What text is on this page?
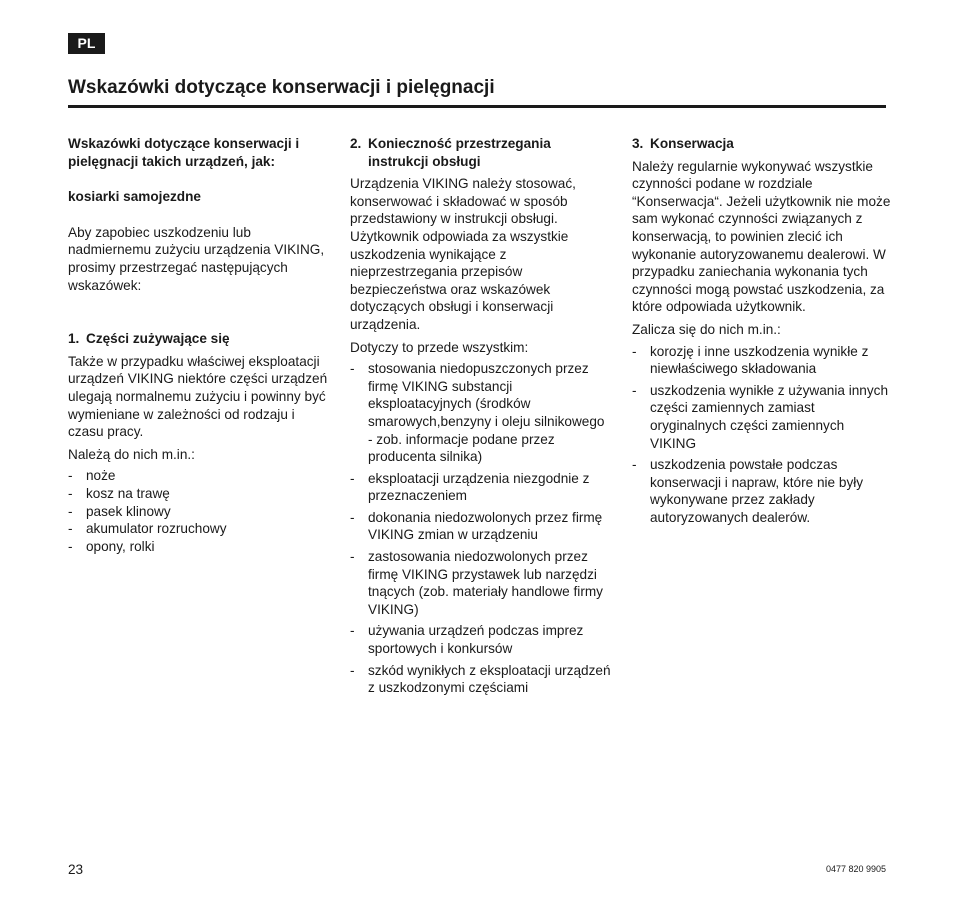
PL
Wskazówki dotyczące konserwacji i pielęgnacji

Wskazówki dotyczące konserwacji i pielęgnacji takich urządzeń, jak:

kosiarki samojezdne

Aby zapobiec uszkodzeniu lub nadmiernemu zużyciu urządzenia VIKING, prosimy przestrzegać następujących wskazówek:

1. Części zużywające się

Także w przypadku właściwej eksploatacji urządzeń VIKING niektóre części urządzeń ulegają normalnemu zużyciu i powinny być wymieniane w zależności od rodzaju i czasu pracy.

Należą do nich m.in.:

- noże
- kosz na trawę
- pasek klinowy
- akumulator rozruchowy
- opony, rolki
2. Konieczność przestrzegania instrukcji obsługi

Urządzenia VIKING należy stosować, konserwować i składować w sposób przedstawiony w instrukcji obsługi. Użytkownik odpowiada za wszystkie uszkodzenia wynikające z nieprzestrzegania przepisów bezpieczeństwa oraz wskazówek dotyczących obsługi i konserwacji urządzenia.

Dotyczy to przede wszystkim:

- stosowania niedopuszczonych przez firmę VIKING substancji eksploatacyjnych (środków smarowych,benzyny i oleju silnikowego - zob. informacje podane przez producenta silnika)
- eksploatacji urządzenia niezgodnie z przeznaczeniem
- dokonania niedozwolonych przez firmę VIKING zmian w urządzeniu
- zastosowania niedozwolonych przez firmę VIKING przystawek lub narzędzi tnących (zob. materiały handlowe firmy VIKING)
- używania urządzeń podczas imprez sportowych i konkursów
- szkód wynikłych z eksploatacji urządzeń z uszkodzonymi częściami
3. Konserwacja

Należy regularnie wykonywać wszystkie czynności podane w rozdziale “Konserwacja“. Jeżeli użytkownik nie może sam wykonać czynności związanych z konserwacją, to powinien zlecić ich wykonanie autoryzowanemu dealerowi. W przypadku zaniechania wykonania tych czynności mogą powstać uszkodzenia, za które odpowiada użytkownik.

Zalicza się do nich m.in.:

- korozję i inne uszkodzenia wynikłe z niewłaściwego składowania
- uszkodzenia wynikłe z używania innych części zamiennych zamiast oryginalnych części zamiennych VIKING
- uszkodzenia powstałe podczas konserwacji i napraw, które nie były wykonywane przez zakłady autoryzowanych dealerów.
23	0477 820 9905
